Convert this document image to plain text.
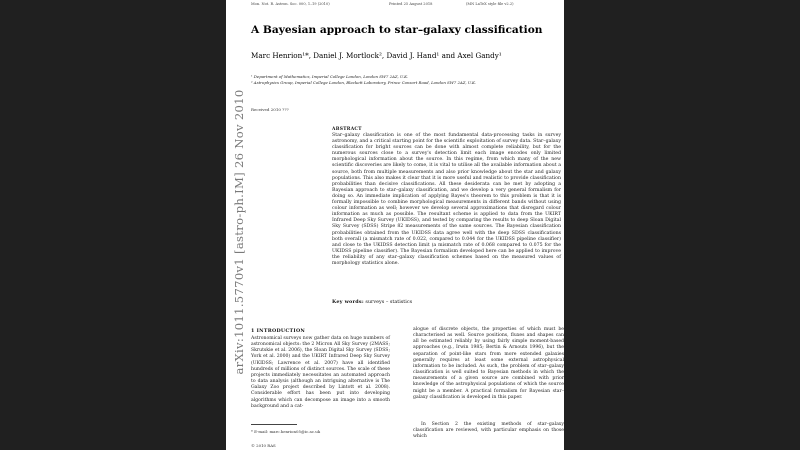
Mon. Not. R. Astron. Soc. 000, 1–19 (2010)	Printed 25 August 2018	(MN LaTeX style file v2.2)
A Bayesian approach to star–galaxy classification
Marc Henrion¹*, Daniel J. Mortlock², David J. Hand¹ and Axel Gandy¹
¹ Department of Mathematics, Imperial College London, London SW7 2AZ, U.K.
² Astrophysics Group, Imperial College London, Blackett Laboratory, Prince Consort Road, London SW7 2AZ, U.K.
Received 2010 ???
ABSTRACT
Star–galaxy classification is one of the most fundamental data-processing tasks in survey astronomy, and a critical starting point for the scientific exploitation of survey data. Star–galaxy classification for bright sources can be done with almost complete reliability, but for the numerous sources close to a survey's detection limit each image encodes only limited morphological information about the source. In this regime, from which many of the new scientific discoveries are likely to come, it is vital to utilise all the available information about a source, both from multiple measurements and also prior knowledge about the star and galaxy populations. This also makes it clear that it is more useful and realistic to provide classification probabilities than decisive classifications. All these desiderata can be met by adopting a Bayesian approach to star–galaxy classification, and we develop a very general formalism for doing so. An immediate implication of applying Bayes's theorem to this problem is that it is formally impossible to combine morphological measurements in different bands without using colour information as well; however we develop several approximations that disregard colour information as much as possible. The resultant scheme is applied to data from the UKIRT Infrared Deep Sky Survey (UKIDSS), and tested by comparing the results to deep Sloan Digital Sky Survey (SDSS) Stripe 82 measurements of the same sources. The Bayesian classification probabilities obtained from the UKIDSS data agree well with the deep SDSS classifications both overall (a mismatch rate of 0.022, compared to 0.044 for the UKIDSS pipeline classifier) and close to the UKIDSS detection limit (a mismatch rate of 0.068 compared to 0.075 for the UKIDSS pipeline classifier). The Bayesian formalism developed here can be applied to improve the reliability of any star–galaxy classification schemes based on the measured values of morphology statistics alone.
Key words: surveys – statistics
1 INTRODUCTION
Astronomical surveys now gather data on huge numbers of astronomical objects: the 2 Micron All Sky Survey (2MASS; Skrutskie et al. 2006), the Sloan Digital Sky Survey (SDSS; York et al. 2000) and the UKIRT Infrared Deep Sky Survey (UKIDSS; Lawrence et al. 2007) have all identified hundreds of millions of distinct sources. The scale of these projects immediately necessitates an automated approach to data analysis (although an intriguing alternative is The Galaxy Zoo project described by Lintott et al. 2008). Considerable effort has been put into developing algorithms which can decompose an image into a smooth background and a cat-
alogue of discrete objects, the properties of which must be characterised as well. Source positions, fluxes and shapes can all be estimated reliably by using fairly simple moment-based approaches (e.g., Irwin 1985; Bertin & Arnouts 1996), but the separation of point-like stars from more extended galaxies generally requires at least some external astrophysical information to be included. As such, the problem of star–galaxy classification is well suited to Bayesian methods in which the measurements of a given source are combined with prior knowledge of the astrophysical populations of which the source might be a member. A practical formalism for Bayesian star–galaxy classification is developed in this paper.
In Section 2 the existing methods of star–galaxy classification are reviewed, with particular emphasis on those which
* E-mail: marc.henrion05@ic.ac.uk
© 2010 RAS
arXiv:1011.5770v1 [astro-ph.IM] 26 Nov 2010
